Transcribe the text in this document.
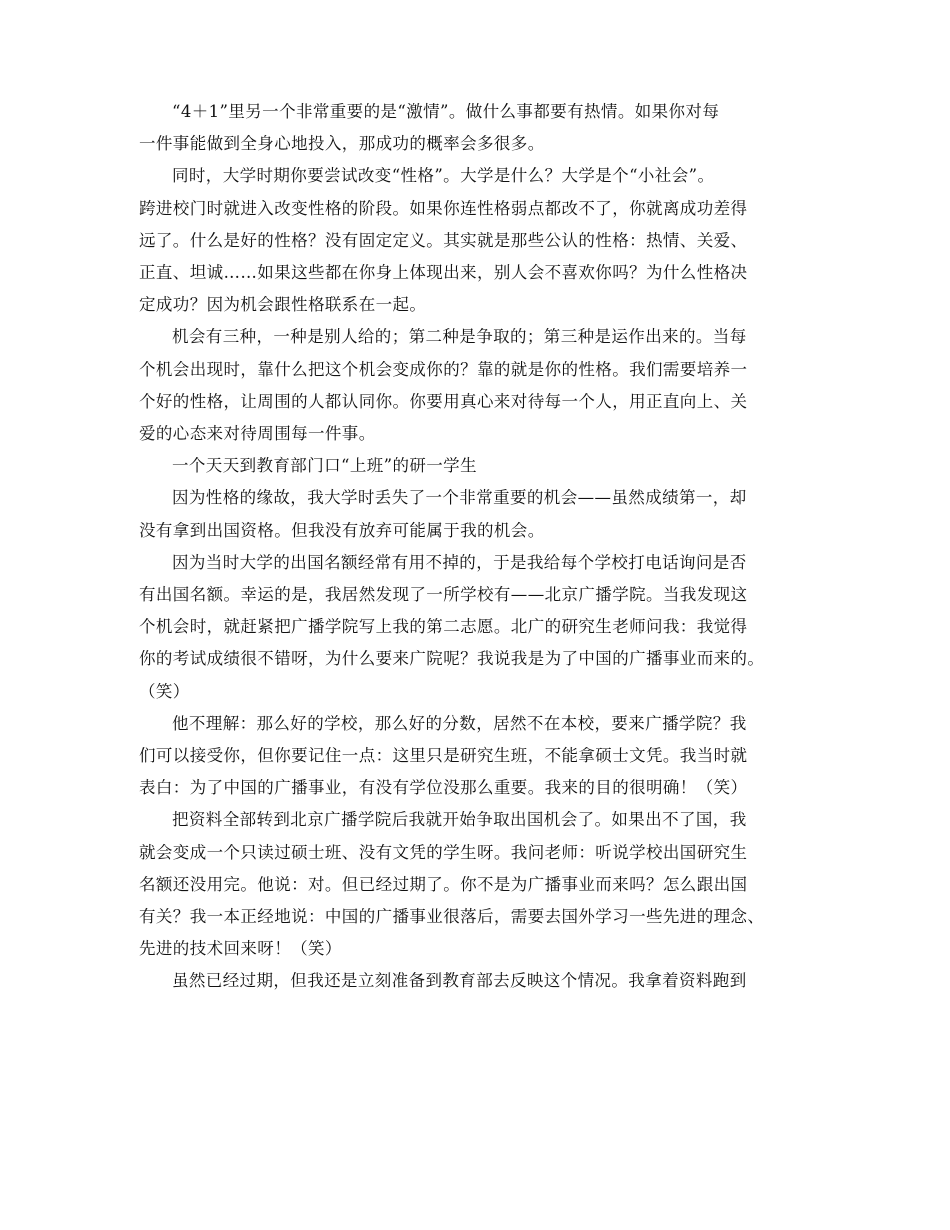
“4＋1”里另一个非常重要的是“激情”。做什么事都要有热情。如果你对每
一件事能做到全身心地投入，那成功的概率会多很多。

同时，大学时期你要尝试改变“性格”。大学是什么？大学是个“小社会”。
跨进校门时就进入改变性格的阶段。如果你连性格弱点都改不了，你就离成功差得
远了。什么是好的性格？没有固定定义。其实就是那些公认的性格：热情、关爱、
正直、坦诚……如果这些都在你身上体现出来，别人会不喜欢你吗？为什么性格决
定成功？因为机会跟性格联系在一起。

机会有三种，一种是别人给的；第二种是争取的；第三种是运作出来的。当每
个机会出现时，靠什么把这个机会变成你的？靠的就是你的性格。我们需要培养一
个好的性格，让周围的人都认同你。你要用真心来对待每一个人，用正直向上、关
爱的心态来对待周围每一件事。

一个天天到教育部门口“上班”的研一学生

因为性格的缘故，我大学时丢失了一个非常重要的机会——虽然成绩第一，却
没有拿到出国资格。但我没有放弃可能属于我的机会。

因为当时大学的出国名额经常有用不掉的，于是我给每个学校打电话询问是否
有出国名额。幸运的是，我居然发现了一所学校有——北京广播学院。当我发现这
个机会时，就赶紧把广播学院写上我的第二志愿。北广的研究生老师问我：我觉得
你的考试成绩很不错呀，为什么要来广院呢？我说我是为了中国的广播事业而来的。
（笑）

他不理解：那么好的学校，那么好的分数，居然不在本校，要来广播学院？我
们可以接受你，但你要记住一点：这里只是研究生班，不能拿硕士文凭。我当时就
表白：为了中国的广播事业，有没有学位没那么重要。我来的目的很明确！（笑）

把资料全部转到北京广播学院后我就开始争取出国机会了。如果出不了国，我
就会变成一个只读过硕士班、没有文凭的学生呀。我问老师：听说学校出国研究生
名额还没用完。他说：对。但已经过期了。你不是为广播事业而来吗？怎么跟出国
有关？我一本正经地说：中国的广播事业很落后，需要去国外学习一些先进的理念、
先进的技术回来呀！（笑）

虽然已经过期，但我还是立刻准备到教育部去反映这个情况。我拿着资料跑到
